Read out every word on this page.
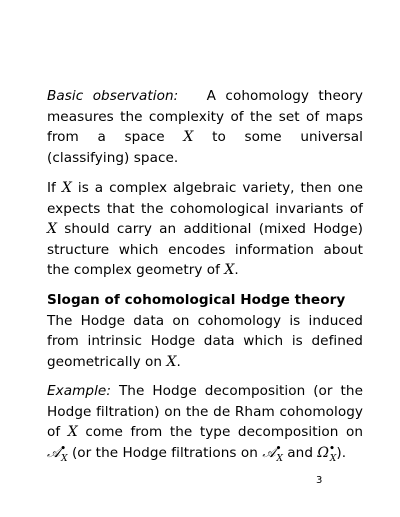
Basic observation: A cohomology theory measures the complexity of the set of maps from a space X to some universal (classifying) space.
If X is a complex algebraic variety, then one expects that the cohomological invariants of X should carry an additional (mixed Hodge) structure which encodes information about the complex geometry of X.
Slogan of cohomological Hodge theory
The Hodge data on cohomology is induced from intrinsic Hodge data which is defined geometrically on X.
Example: The Hodge decomposition (or the Hodge filtration) on the de Rham cohomology of X come from the type decomposition on 𝒜•$_X$ (or the Hodge filtrations on 𝒜•$_X$ and $\Omega^•_X$).
3
